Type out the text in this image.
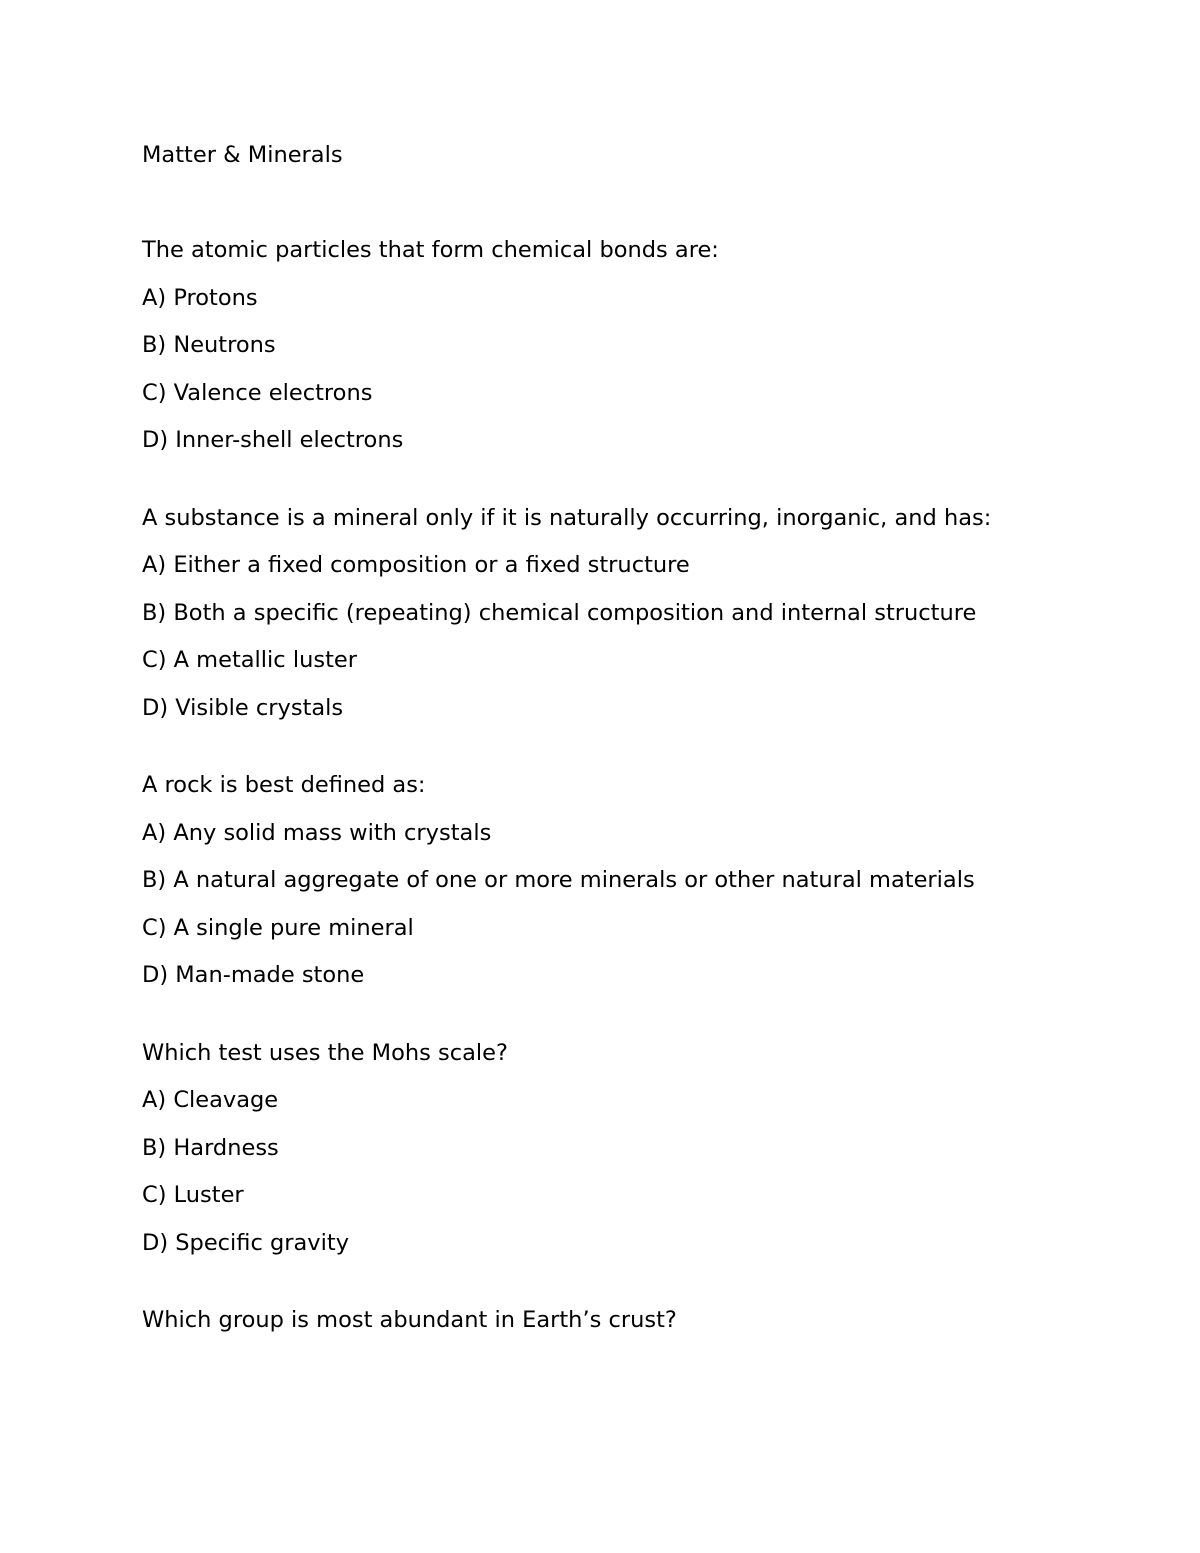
Matter & Minerals
The atomic particles that form chemical bonds are:
A) Protons
B) Neutrons
C) Valence electrons
D) Inner-shell electrons
A substance is a mineral only if it is naturally occurring, inorganic, and has:
A) Either a fixed composition or a fixed structure
B) Both a specific (repeating) chemical composition and internal structure
C) A metallic luster
D) Visible crystals
A rock is best defined as:
A) Any solid mass with crystals
B) A natural aggregate of one or more minerals or other natural materials
C) A single pure mineral
D) Man-made stone
Which test uses the Mohs scale?
A) Cleavage
B) Hardness
C) Luster
D) Specific gravity
Which group is most abundant in Earth’s crust?
